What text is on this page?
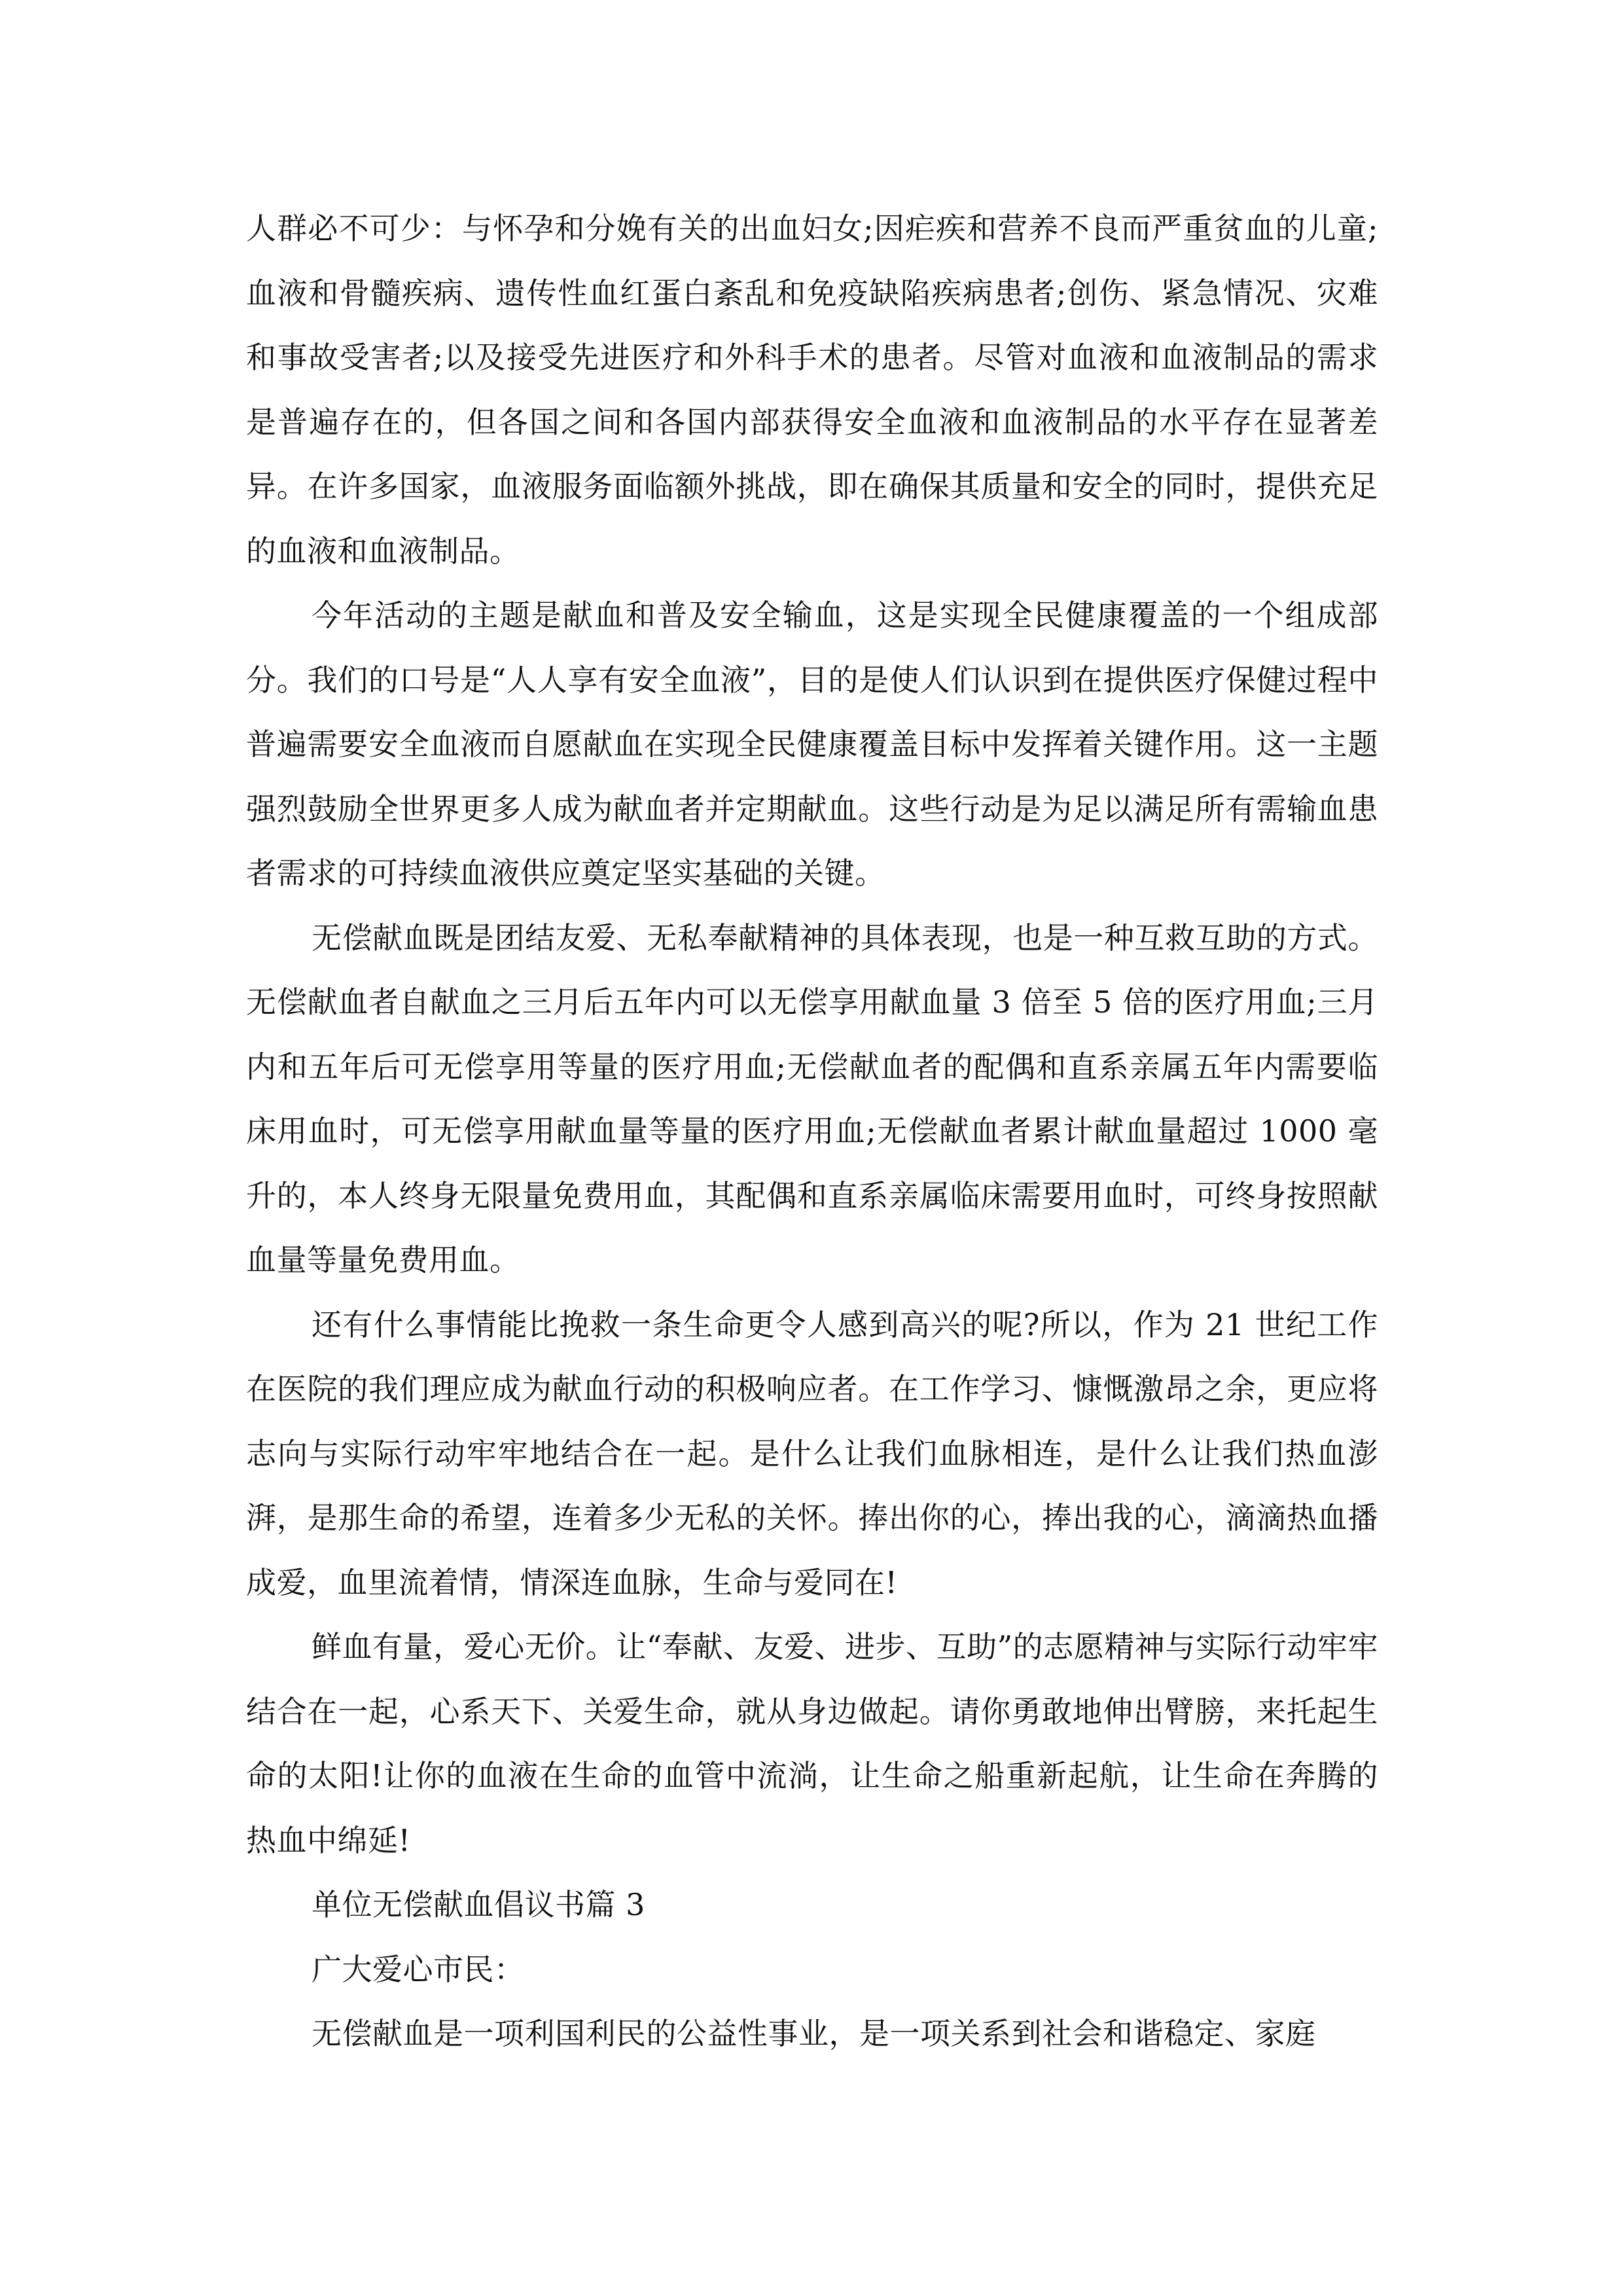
人群必不可少：与怀孕和分娩有关的出血妇女;因疟疾和营养不良而严重贫血的儿童;血液和骨髓疾病、遗传性血红蛋白紊乱和免疫缺陷疾病患者;创伤、紧急情况、灾难和事故受害者;以及接受先进医疗和外科手术的患者。尽管对血液和血液制品的需求是普遍存在的，但各国之间和各国内部获得安全血液和血液制品的水平存在显著差异。在许多国家，血液服务面临额外挑战，即在确保其质量和安全的同时，提供充足的血液和血液制品。

今年活动的主题是献血和普及安全输血，这是实现全民健康覆盖的一个组成部分。我们的口号是“人人享有安全血液”，目的是使人们认识到在提供医疗保健过程中普遍需要安全血液而自愿献血在实现全民健康覆盖目标中发挥着关键作用。这一主题强烈鼓励全世界更多人成为献血者并定期献血。这些行动是为足以满足所有需输血患者需求的可持续血液供应奠定坚实基础的关键。

无偿献血既是团结友爱、无私奉献精神的具体表现，也是一种互救互助的方式。无偿献血者自献血之三月后五年内可以无偿享用献血量 3 倍至 5 倍的医疗用血;三月内和五年后可无偿享用等量的医疗用血;无偿献血者的配偶和直系亲属五年内需要临床用血时，可无偿享用献血量等量的医疗用血;无偿献血者累计献血量超过 1000 毫升的，本人终身无限量免费用血，其配偶和直系亲属临床需要用血时，可终身按照献血量等量免费用血。

还有什么事情能比挽救一条生命更令人感到高兴的呢?所以，作为 21 世纪工作在医院的我们理应成为献血行动的积极响应者。在工作学习、慷慨激昂之余，更应将志向与实际行动牢牢地结合在一起。是什么让我们血脉相连，是什么让我们热血澎湃，是那生命的希望，连着多少无私的关怀。捧出你的心，捧出我的心，滴滴热血播成爱，血里流着情，情深连血脉，生命与爱同在!

鲜血有量，爱心无价。让“奉献、友爱、进步、互助”的志愿精神与实际行动牢牢结合在一起，心系天下、关爱生命，就从身边做起。请你勇敢地伸出臂膀，来托起生命的太阳!让你的血液在生命的血管中流淌，让生命之船重新起航，让生命在奔腾的热血中绵延!

单位无偿献血倡议书篇 3

广大爱心市民：

无偿献血是一项利国利民的公益性事业，是一项关系到社会和谐稳定、家庭
